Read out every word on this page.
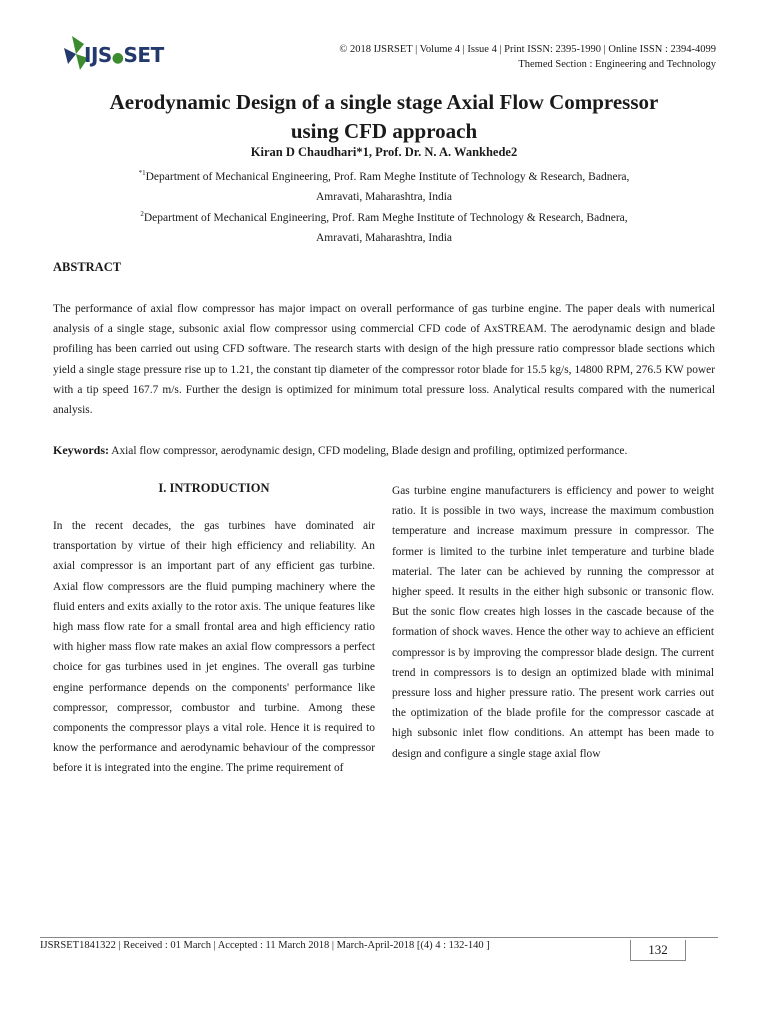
IJS●SET	© 2018 IJSRSET | Volume 4 | Issue 4 | Print ISSN: 2395-1990 | Online ISSN : 2394-4099
Themed Section : Engineering and Technology
Aerodynamic Design of a single stage Axial Flow Compressor
using CFD approach
Kiran D Chaudhari*1, Prof. Dr. N. A. Wankhede2
$^{*1}$Department of Mechanical Engineering, Prof. Ram Meghe Institute of Technology & Research, Badnera,
Amravati, Maharashtra, India
$^2$Department of Mechanical Engineering, Prof. Ram Meghe Institute of Technology & Research, Badnera,
Amravati, Maharashtra, India
ABSTRACT
The performance of axial flow compressor has major impact on overall performance of gas turbine engine. The paper deals with numerical analysis of a single stage, subsonic axial flow compressor using commercial CFD code of AxSTREAM. The aerodynamic design and blade profiling has been carried out using CFD software. The research starts with design of the high pressure ratio compressor blade sections which yield a single stage pressure rise up to 1.21, the constant tip diameter of the compressor rotor blade for 15.5 kg/s, 14800 RPM, 276.5 KW power with a tip speed 167.7 m/s. Further the design is optimized for minimum total pressure loss. Analytical results compared with the numerical analysis.
Keywords: Axial flow compressor, aerodynamic design, CFD modeling, Blade design and profiling, optimized performance.
I. INTRODUCTION
In the recent decades, the gas turbines have dominated air transportation by virtue of their high efficiency and reliability. An axial compressor is an important part of any efficient gas turbine. Axial flow compressors are the fluid pumping machinery where the fluid enters and exits axially to the rotor axis. The unique features like high mass flow rate for a small frontal area and high efficiency ratio with higher mass flow rate makes an axial flow compressors a perfect choice for gas turbines used in jet engines. The overall gas turbine engine performance depends on the components' performance like compressor, compressor, combustor and turbine. Among these components the compressor plays a vital role. Hence it is required to know the performance and aerodynamic behaviour of the compressor before it is integrated into the engine. The prime requirement of
Gas turbine engine manufacturers is efficiency and power to weight ratio. It is possible in two ways, increase the maximum combustion temperature and increase maximum pressure in compressor. The former is limited to the turbine inlet temperature and turbine blade material. The later can be achieved by running the compressor at higher speed. It results in the either high subsonic or transonic flow. But the sonic flow creates high losses in the cascade because of the formation of shock waves. Hence the other way to achieve an efficient compressor is by improving the compressor blade design. The current trend in compressors is to design an optimized blade with minimal pressure loss and higher pressure ratio. The present work carries out the optimization of the blade profile for the compressor cascade at high subsonic inlet flow conditions. An attempt has been made to design and configure a single stage axial flow
IJSRSET1841322 | Received : 01 March | Accepted : 11 March 2018 | March-April-2018 [(4) 4 : 132-140 ]	132
